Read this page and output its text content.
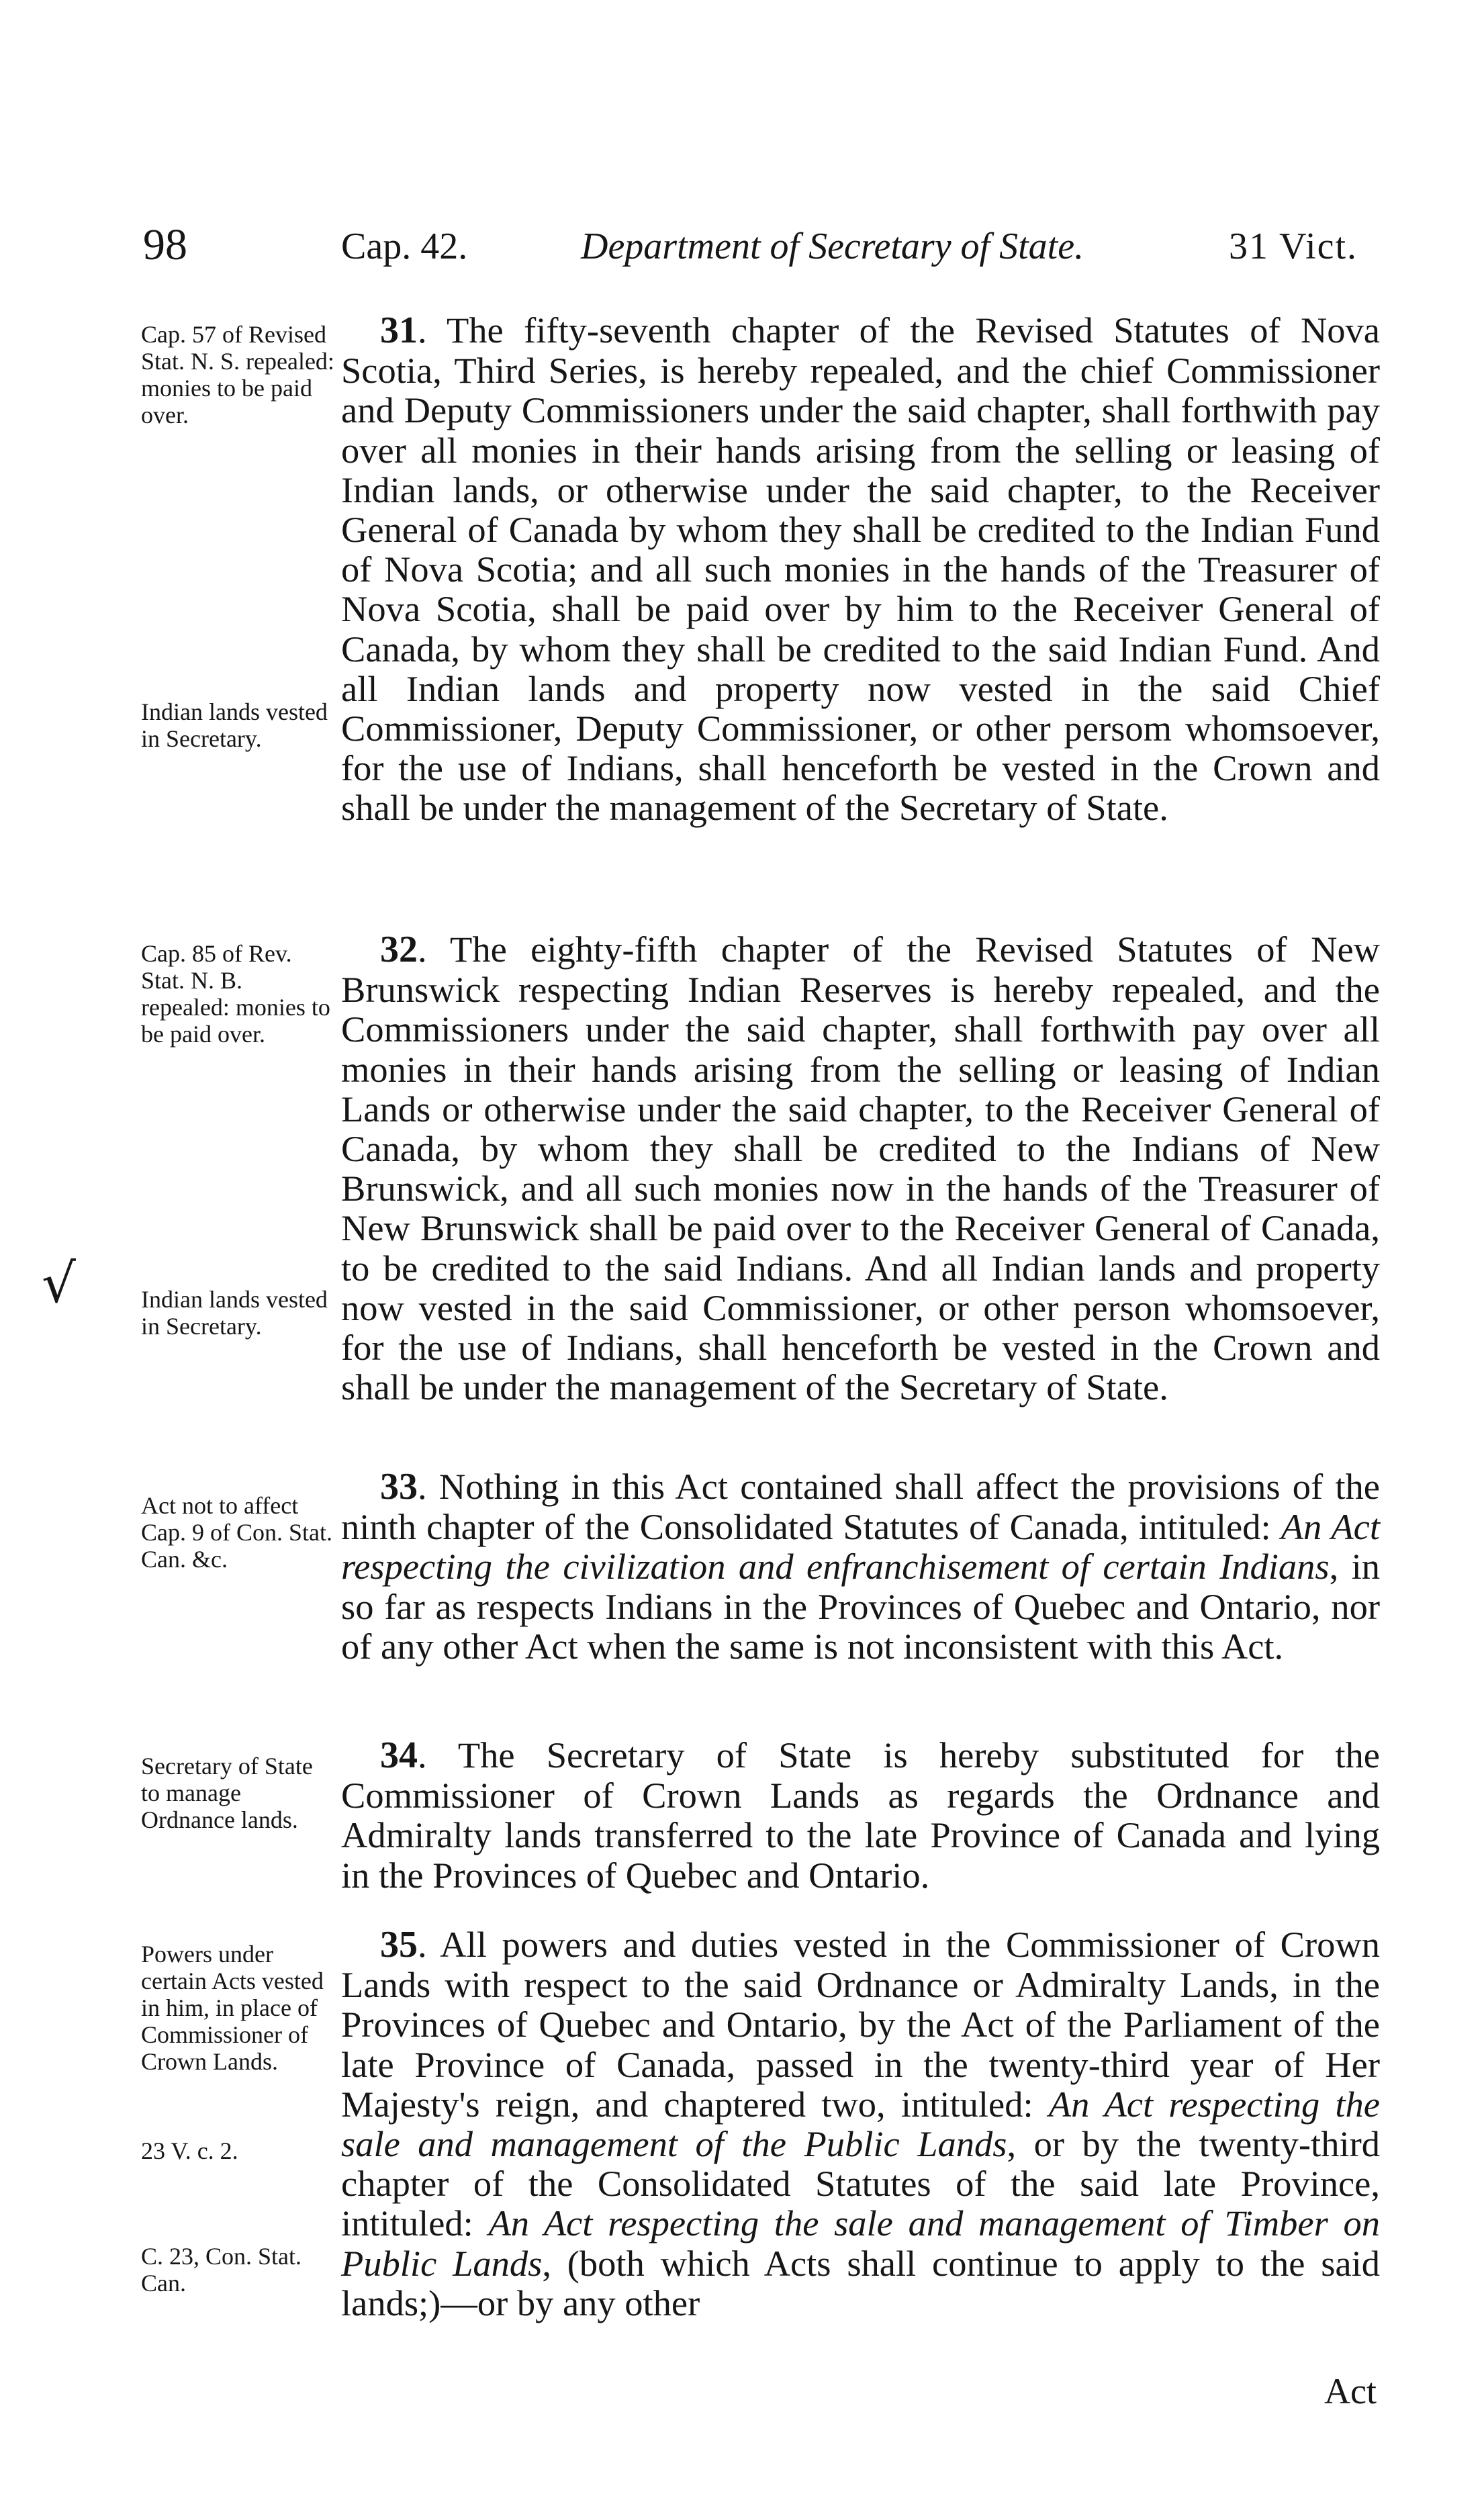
98	Cap. 42.	Department of Secretary of State.	31 Vict.
Cap. 57 of Revised Stat. N. S. repealed: monies to be paid over.
Indian lands vested in Secretary.

31. The fifty-seventh chapter of the Revised Statutes of Nova Scotia, Third Series, is hereby repealed, and the chief Commissioner and Deputy Commissioners under the said chapter, shall forthwith pay over all monies in their hands arising from the selling or leasing of Indian lands, or otherwise under the said chapter, to the Receiver General of Canada by whom they shall be credited to the Indian Fund of Nova Scotia; and all such monies in the hands of the Treasurer of Nova Scotia, shall be paid over by him to the Receiver General of Canada, by whom they shall be credited to the said Indian Fund. And all Indian lands and property now vested in the said Chief Commissioner, Deputy Commissioner, or other persom whomsoever, for the use of Indians, shall henceforth be vested in the Crown and shall be under the management of the Secretary of State.

Cap. 85 of Rev. Stat. N. B. repealed: monies to be paid over.
Indian lands vested in Secretary.

32. The eighty-fifth chapter of the Revised Statutes of New Brunswick respecting Indian Reserves is hereby repealed, and the Commissioners under the said chapter, shall forthwith pay over all monies in their hands arising from the selling or leasing of Indian Lands or otherwise under the said chapter, to the Receiver General of Canada, by whom they shall be credited to the Indians of New Brunswick, and all such monies now in the hands of the Treasurer of New Brunswick shall be paid over to the Receiver General of Canada, to be credited to the said Indians. And all Indian lands and property now vested in the said Commissioner, or other person whomsoever, for the use of Indians, shall henceforth be vested in the Crown and shall be under the management of the Secretary of State.

Act not to affect Cap. 9 of Con. Stat. Can. &c.

33. Nothing in this Act contained shall affect the provisions of the ninth chapter of the Consolidated Statutes of Canada, intituled: An Act respecting the civilization and enfranchisement of certain Indians, in so far as respects Indians in the Provinces of Quebec and Ontario, nor of any other Act when the same is not inconsistent with this Act.

Secretary of State to manage Ordnance lands.

34. The Secretary of State is hereby substituted for the Commissioner of Crown Lands as regards the Ordnance and Admiralty lands transferred to the late Province of Canada and lying in the Provinces of Quebec and Ontario.

Powers under certain Acts vested in him, in place of Commissioner of Crown Lands.
23 V. c. 2.
C. 23, Con. Stat. Can.

35. All powers and duties vested in the Commissioner of Crown Lands with respect to the said Ordnance or Admiralty Lands, in the Provinces of Quebec and Ontario, by the Act of the Parliament of the late Province of Canada, passed in the twenty-third year of Her Majesty's reign, and chaptered two, intituled: An Act respecting the sale and management of the Public Lands, or by the twenty-third chapter of the Consolidated Statutes of the said late Province, intituled: An Act respecting the sale and management of Timber on Public Lands, (both which Acts shall continue to apply to the said lands;)—or by any other

Act
√
